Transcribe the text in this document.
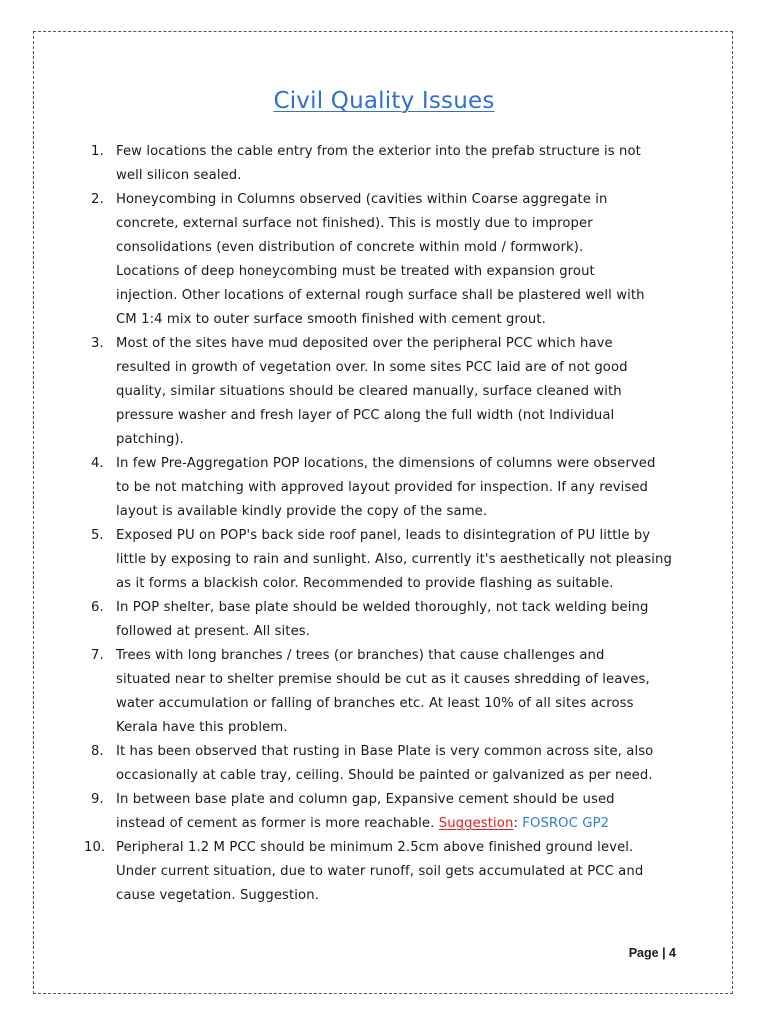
Civil Quality Issues
1. Few locations the cable entry from the exterior into the prefab structure is not
well silicon sealed.
2. Honeycombing in Columns observed (cavities within Coarse aggregate in
concrete, external surface not finished). This is mostly due to improper
consolidations (even distribution of concrete within mold / formwork).
Locations of deep honeycombing must be treated with expansion grout
injection. Other locations of external rough surface shall be plastered well with
CM 1:4 mix to outer surface smooth finished with cement grout.
3. Most of the sites have mud deposited over the peripheral PCC which have
resulted in growth of vegetation over. In some sites PCC laid are of not good
quality, similar situations should be cleared manually, surface cleaned with
pressure washer and fresh layer of PCC along the full width (not Individual
patching).
4. In few Pre-Aggregation POP locations, the dimensions of columns were observed
to be not matching with approved layout provided for inspection. If any revised
layout is available kindly provide the copy of the same.
5. Exposed PU on POP's back side roof panel, leads to disintegration of PU little by
little by exposing to rain and sunlight. Also, currently it's aesthetically not pleasing
as it forms a blackish color. Recommended to provide flashing as suitable.
6. In POP shelter, base plate should be welded thoroughly, not tack welding being
followed at present. All sites.
7. Trees with long branches / trees (or branches) that cause challenges and
situated near to shelter premise should be cut as it causes shredding of leaves,
water accumulation or falling of branches etc. At least 10% of all sites across
Kerala have this problem.
8. It has been observed that rusting in Base Plate is very common across site, also
occasionally at cable tray, ceiling. Should be painted or galvanized as per need.
9. In between base plate and column gap, Expansive cement should be used
instead of cement as former is more reachable. Suggestion: FOSROC GP2
10. Peripheral 1.2 M PCC should be minimum 2.5cm above finished ground level.
Under current situation, due to water runoff, soil gets accumulated at PCC and
cause vegetation. Suggestion.
Page | 4
